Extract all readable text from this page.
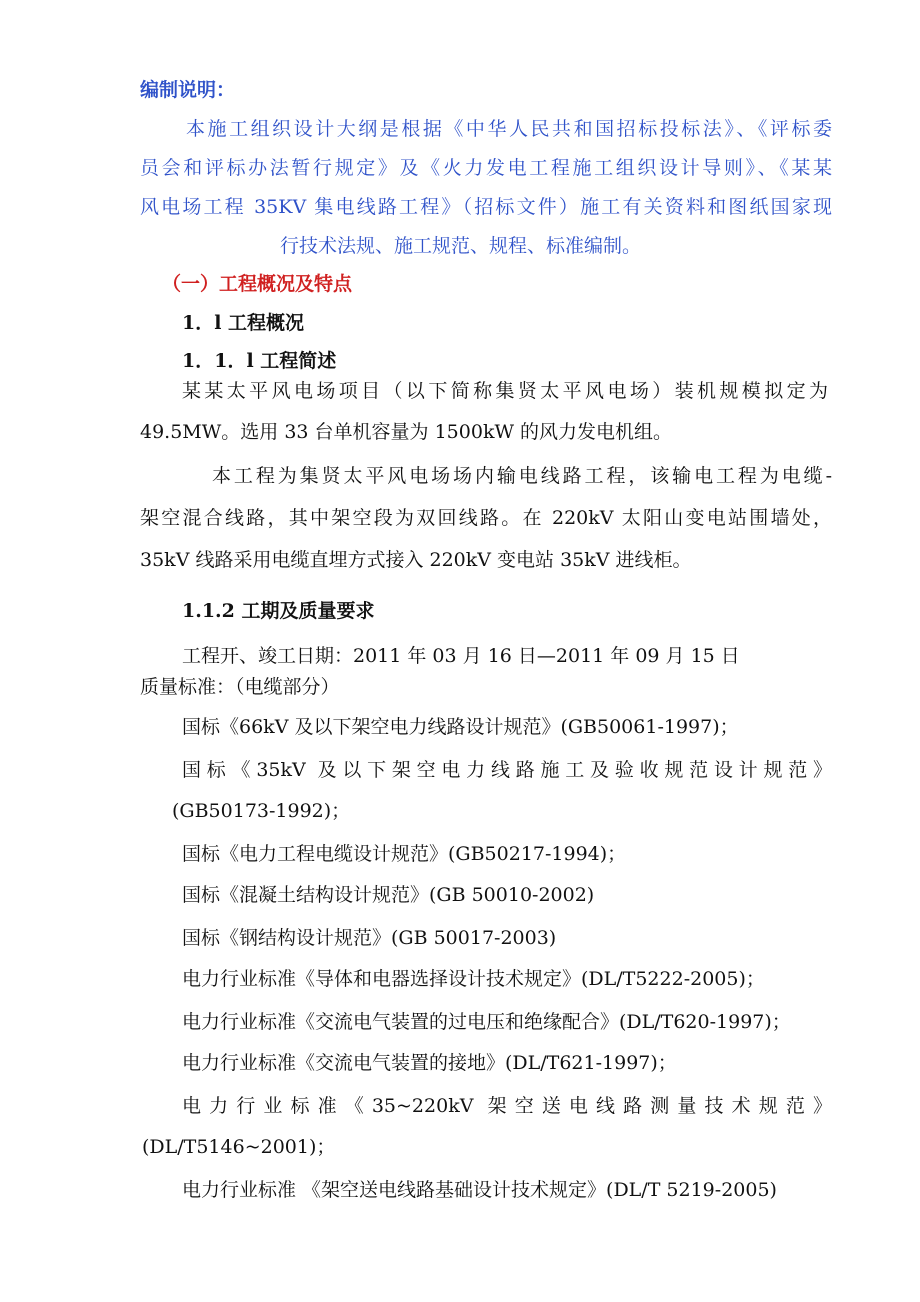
编制说明：
本施工组织设计大纲是根据《中华人民共和国招标投标法》、《评标委
员会和评标办法暂行规定》及《火力发电工程施工组织设计导则》、《某某
风电场工程 35KV 集电线路工程》（招标文件）施工有关资料和图纸国家现
行技术法规、施工规范、规程、标准编制。
（一）工程概况及特点
1．l 工程概况
1．1．l 工程简述
某某太平风电场项目（以下简称集贤太平风电场）装机规模拟定为
49.5MW。选用 33 台单机容量为 1500kW 的风力发电机组。
本工程为集贤太平风电场场内输电线路工程，该输电工程为电缆-
架空混合线路，其中架空段为双回线路。在 220kV 太阳山变电站围墙处，
35kV 线路采用电缆直埋方式接入 220kV 变电站 35kV 进线柜。
1.1.2 工期及质量要求
工程开、竣工日期：2011 年 03 月 16 日—2011 年 09 月 15 日
质量标准：（电缆部分）
国标《66kV 及以下架空电力线路设计规范》(GB50061-1997)；
国标《35kV 及以下架空电力线路施工及验收规范设计规范》
(GB50173-1992)；
国标《电力工程电缆设计规范》(GB50217-1994)；
国标《混凝土结构设计规范》(GB 50010-2002)
国标《钢结构设计规范》(GB 50017-2003)
电力行业标准《导体和电器选择设计技术规定》(DL/T5222-2005)；
电力行业标准《交流电气装置的过电压和绝缘配合》(DL/T620-1997)；
电力行业标准《交流电气装置的接地》(DL/T621-1997)；
电力行业标准《35~220kV 架空送电线路测量技术规范》
(DL/T5146~2001)；
电力行业标准 《架空送电线路基础设计技术规定》(DL/T 5219-2005)
